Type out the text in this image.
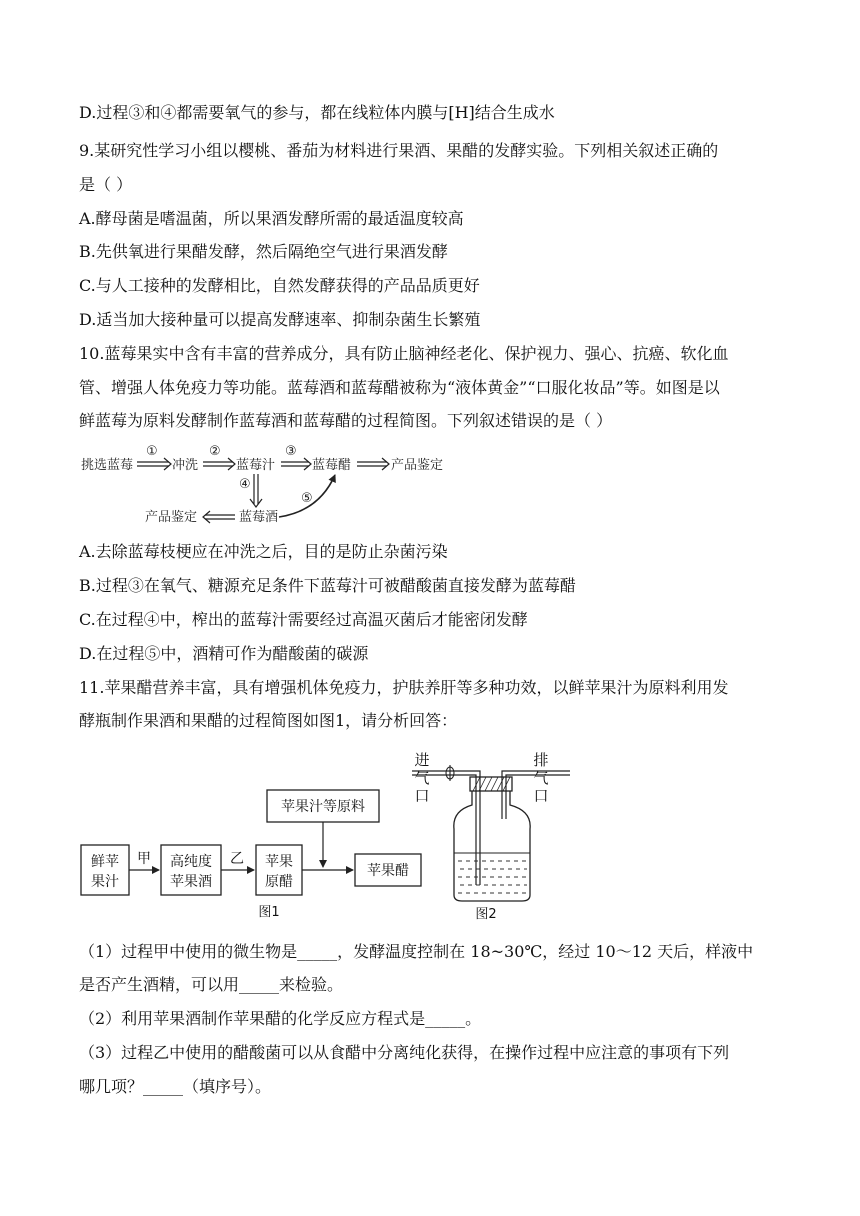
D.过程③和④都需要氧气的参与，都在线粒体内膜与[H]结合生成水
9.某研究性学习小组以樱桃、番茄为材料进行果酒、果醋的发酵实验。下列相关叙述正确的
是（ ）
A.酵母菌是嗜温菌，所以果酒发酵所需的最适温度较高
B.先供氧进行果醋发酵，然后隔绝空气进行果酒发酵
C.与人工接种的发酵相比，自然发酵获得的产品品质更好
D.适当加大接种量可以提高发酵速率、抑制杂菌生长繁殖
10.蓝莓果实中含有丰富的营养成分，具有防止脑神经老化、保护视力、强心、抗癌、软化血
管、增强人体免疫力等功能。蓝莓酒和蓝莓醋被称为“液体黄金”“口服化妆品”等。如图是以
鲜蓝莓为原料发酵制作蓝莓酒和蓝莓醋的过程简图。下列叙述错误的是（ ）
挑选蓝莓	冲洗	蓝莓汁	蓝莓醋	产品鉴定
蓝莓酒
产品鉴定
①	②	③
④
⑤
A.去除蓝莓枝梗应在冲洗之后，目的是防止杂菌污染
B.过程③在氧气、糖源充足条件下蓝莓汁可被醋酸菌直接发酵为蓝莓醋
C.在过程④中，榨出的蓝莓汁需要经过高温灭菌后才能密闭发酵
D.在过程⑤中，酒精可作为醋酸菌的碳源
11.苹果醋营养丰富，具有增强机体免疫力，护肤养肝等多种功效，以鲜苹果汁为原料利用发
酵瓶制作果酒和果醋的过程简图如图1，请分析回答：
鲜苹
果汁
甲 高纯度
苹果酒
乙 苹果
原醋
苹果汁等原料
苹果醋
图1
进
气
口
排
气
口
图2
（1）过程甲中使用的微生物是_____，发酵温度控制在 18~30℃，经过 10～12 天后，样液中
是否产生酒精，可以用_____来检验。
（2）利用苹果酒制作苹果醋的化学反应方程式是_____。
（3）过程乙中使用的醋酸菌可以从食醋中分离纯化获得，在操作过程中应注意的事项有下列
哪几项？_____（填序号）。
